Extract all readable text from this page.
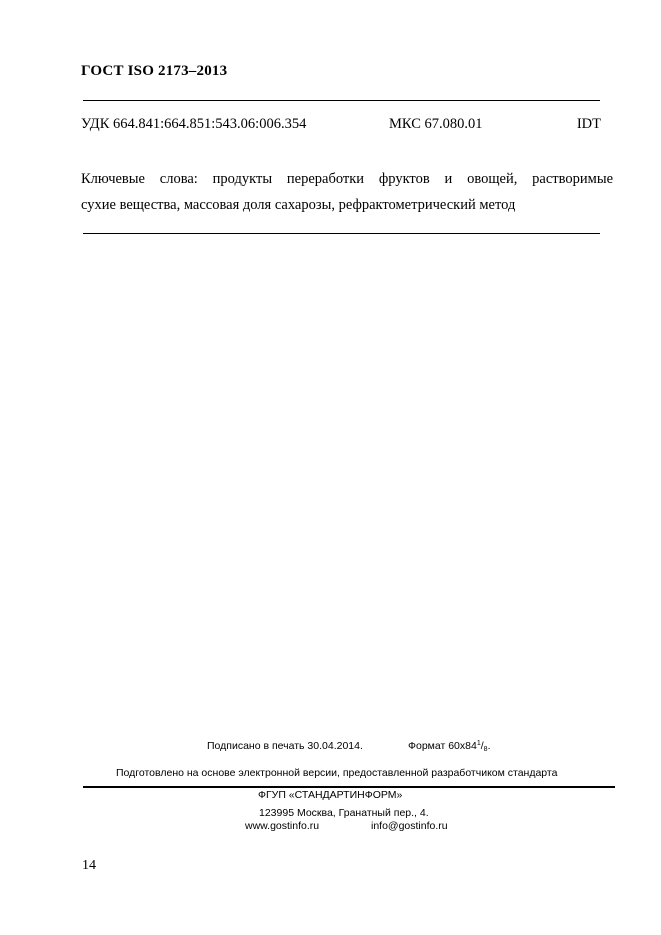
ГОСТ ISO 2173–2013
УДК 664.841:664.851:543.06:006.354	МКС 67.080.01	IDT
Ключевые слова: продукты переработки фруктов и овощей, растворимые
сухие вещества, массовая доля сахарозы, рефрактометрический метод
Подписано в печать 30.04.2014.	Формат $60x84^1/_8$.
Подготовлено на основе электронной версии, предоставленной разработчиком стандарта
ФГУП «СТАНДАРТИНФОРМ»
123995 Москва, Гранатный пер., 4.
www.gostinfo.ru	info@gostinfo.ru
14
